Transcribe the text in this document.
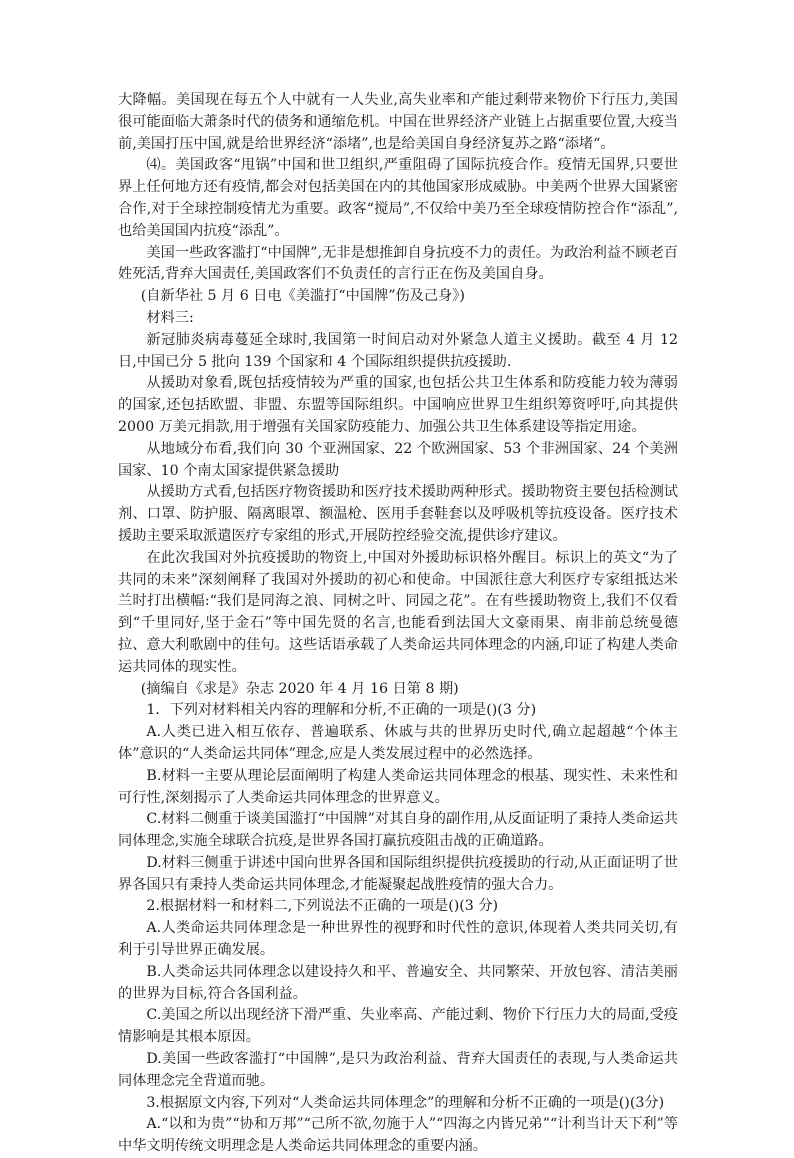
大降幅。美国现在每五个人中就有一人失业,高失业率和产能过剩带来物价下行压力,美国很可能面临大萧条时代的债务和通缩危机。中国在世界经济产业链上占据重要位置,大疫当前,美国打压中国,就是给世界经济“添堵”,也是给美国自身经济复苏之路“添堵“。

⑷。美国政客“甩锅”中国和世卫组织,严重阻碍了国际抗疫合作。疫情无国界,只要世界上任何地方还有疫情,都会对包括美国在内的其他国家形成威胁。中美两个世界大国紧密合作,对于全球控制疫情尤为重要。政客“搅局”,不仅给中美乃至全球疫情防控合作“添乱”,也给美国国内抗疫“添乱”。

美国一些政客滥打“中国牌”,无非是想推卸自身抗疫不力的责任。为政治利益不顾老百姓死活,背弃大国责任,美国政客们不负责任的言行正在伤及美国自身。

(自新华社 5 月 6 日电《美滥打“中国牌”伤及己身》)

材料三:

新冠肺炎病毒蔓延全球时,我国第一时间启动对外紧急人道主义援助。截至 4 月 12 日,中国已分 5 批向 139 个国家和 4 个国际组织提供抗疫援助.

从援助对象看,既包括疫情较为严重的国家,也包括公共卫生体系和防疫能力较为薄弱的国家,还包括欧盟、非盟、东盟等国际组织。中国响应世界卫生组织筹资呼吁,向其提供 2000 万美元捐款,用于增强有关国家防疫能力、加强公共卫生体系建设等指定用途。

从地域分布看,我们向 30 个亚洲国家、22 个欧洲国家、53 个非洲国家、24 个美洲国家、10 个南太国家提供紧急援助

从援助方式看,包括医疗物资援助和医疗技术援助两种形式。援助物资主要包括检测试剂、口罩、防护服、隔离眼罩、额温枪、医用手套鞋套以及呼吸机等抗疫设备。医疗技术援助主要采取派遣医疗专家组的形式,开展防控经验交流,提供诊疗建议。

在此次我国对外抗疫援助的物资上,中国对外援助标识格外醒目。标识上的英文“为了共同的未来”深刻阐释了我国对外援助的初心和使命。中国派往意大利医疗专家组抵达米兰时打出横幅:“我们是同海之浪、同树之叶、同园之花”。在有些援助物资上,我们不仅看到“千里同好,坚于金石”等中国先贤的名言,也能看到法国大文豪雨果、南非前总统曼德拉、意大利歌剧中的佳句。这些话语承载了人类命运共同体理念的内涵,印证了构建人类命运共同体的现实性。

(摘编自《求是》杂志 2020 年 4 月 16 日第 8 期)

1．下列对材料相关内容的理解和分析,不正确的一项是()(3 分)

A.人类已进入相互依存、普遍联系、休戚与共的世界历史时代,确立起超越“个体主体”意识的“人类命运共同体”理念,应是人类发展过程中的必然选择。

B.材料一主要从理论层面阐明了构建人类命运共同体理念的根基、现实性、未来性和可行性,深刻揭示了人类命运共同体理念的世界意义。

C.材料二侧重于谈美国滥打“中国牌”对其自身的副作用,从反面证明了秉持人类命运共同体理念,实施全球联合抗疫,是世界各国打赢抗疫阻击战的正确道路。

D.材料三侧重于讲述中国向世界各国和国际组织提供抗疫援助的行动,从正面证明了世界各国只有秉持人类命运共同体理念,才能凝聚起战胜疫情的强大合力。

2.根据材料一和材料二,下列说法不正确的一项是()(3 分)

A.人类命运共同体理念是一种世界性的视野和时代性的意识,体现着人类共同关切,有利于引导世界正确发展。

B.人类命运共同体理念以建设持久和平、普遍安全、共同繁荣、开放包容、清洁美丽的世界为目标,符合各国利益。

C.美国之所以出现经济下滑严重、失业率高、产能过剩、物价下行压力大的局面,受疫情影响是其根本原因。

D.美国一些政客滥打“中国牌”,是只为政治利益、背弃大国责任的表现,与人类命运共同体理念完全背道而驰。

3.根据原文内容,下列对“人类命运共同体理念”的理解和分析不正确的一项是()(3分)

A.“以和为贵”“协和万邦”“己所不欲,勿施于人”“四海之内皆兄弟”“计利当计天下利”等中华文明传统文明理念是人类命运共同体理念的重要内涵。
